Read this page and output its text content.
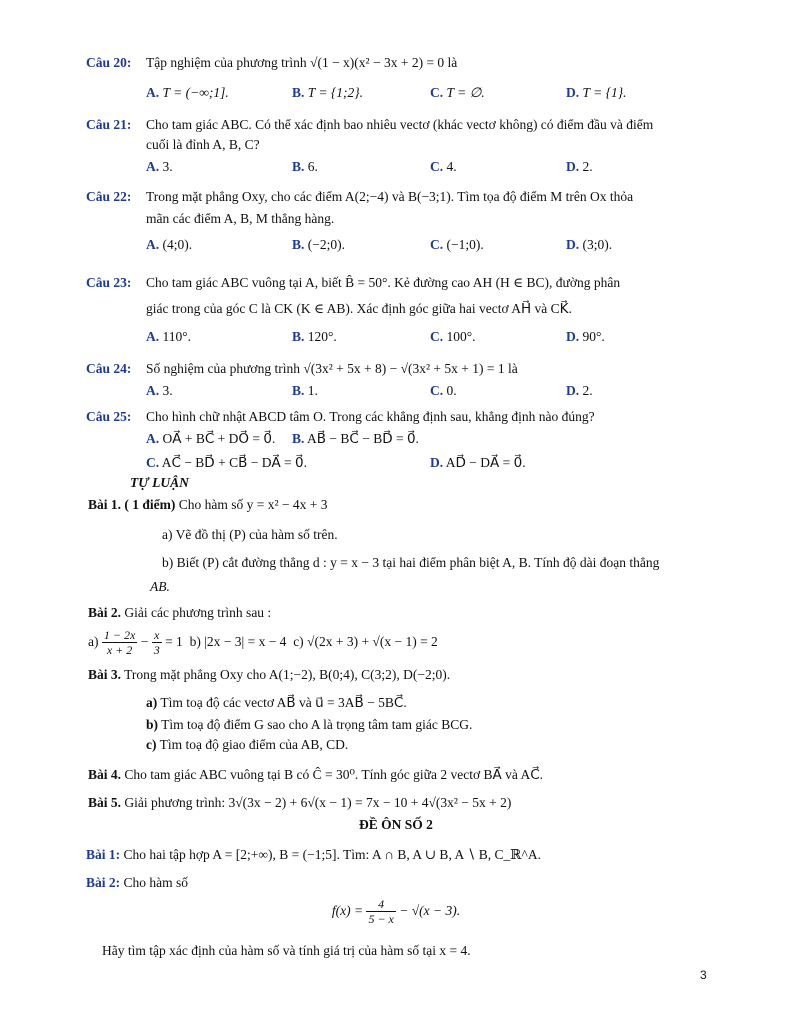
Câu 20: Tập nghiệm của phương trình √(1 − x)(x² − 3x + 2) = 0 là
A. T = (−∞;1].	B. T = {1;2}.	C. T = ∅.	D. T = {1}.
Câu 21: Cho tam giác ABC. Có thể xác định bao nhiêu vectơ (khác vectơ không) có điểm đầu và điểm
cuối là đỉnh A, B, C?
A. 3.	B. 6.	C. 4.	D. 2.
Câu 22: Trong mặt phẳng Oxy, cho các điểm A(2;−4) và B(−3;1). Tìm tọa độ điểm M trên Ox thỏa
mãn các điểm A, B, M thẳng hàng.
A. (4;0).	B. (−2;0).	C. (−1;0).	D. (3;0).
Câu 23: Cho tam giác ABC vuông tại A, biết B̂ = 50°. Kẻ đường cao AH (H ∈ BC), đường phân
giác trong của góc C là CK (K ∈ AB). Xác định góc giữa hai vectơ AH⃗ và CK⃗.
A. 110°.	B. 120°.	C. 100°.	D. 90°.
Câu 24: Số nghiệm của phương trình √(3x² + 5x + 8) − √(3x² + 5x + 1) = 1 là
A. 3.	B. 1.	C. 0.	D. 2.
Câu 25: Cho hình chữ nhật ABCD tâm O. Trong các khẳng định sau, khẳng định nào đúng?
A. OA⃗ + BC⃗ + DO⃗ = 0⃗. B. AB⃗ − BC⃗ − BD⃗ = 0⃗.
C. AC⃗ − BD⃗ + CB⃗ − DA⃗ = 0⃗.	D. AD⃗ − DA⃗ = 0⃗.
TỰ LUẬN
Bài 1. ( 1 điểm) Cho hàm số y = x² − 4x + 3
a) Vẽ đồ thị (P) của hàm số trên.
b) Biết (P) cắt đường thẳng d : y = x − 3 tại hai điểm phân biệt A, B. Tính độ dài đoạn thẳng
AB.
Bài 2. Giải các phương trình sau :
$a) \frac{1 - 2x}{x + 2} - \frac{x}{3} = 1$ b) |2x − 3| = x − 4 c) √(2x + 3) + √(x − 1) = 2
Bài 3. Trong mặt phẳng Oxy cho A(1;−2), B(0;4), C(3;2), D(−2;0).
a) Tìm toạ độ các vectơ AB⃗ và u⃗ = 3AB⃗ − 5BC⃗.
b) Tìm toạ độ điểm G sao cho A là trọng tâm tam giác BCG.
c) Tìm toạ độ giao điểm của AB, CD.
Bài 4. Cho tam giác ABC vuông tại B có Ĉ = 30⁰. Tính góc giữa 2 vectơ BA⃗ và AC⃗.
Bài 5. Giải phương trình: 3√(3x − 2) + 6√(x − 1) = 7x − 10 + 4√(3x² − 5x + 2)
ĐỀ ÔN SỐ 2
Bài 1: Cho hai tập hợp A = [2;+∞), B = (−1;5]. Tìm: A ∩ B, A ∪ B, A ∖ B, C_ℝ^A.
Bài 2: Cho hàm số
$f(x) = \frac{4}{5 - x} - √(x - 3)$.
Hãy tìm tập xác định của hàm số và tính giá trị của hàm số tại x = 4.
3
